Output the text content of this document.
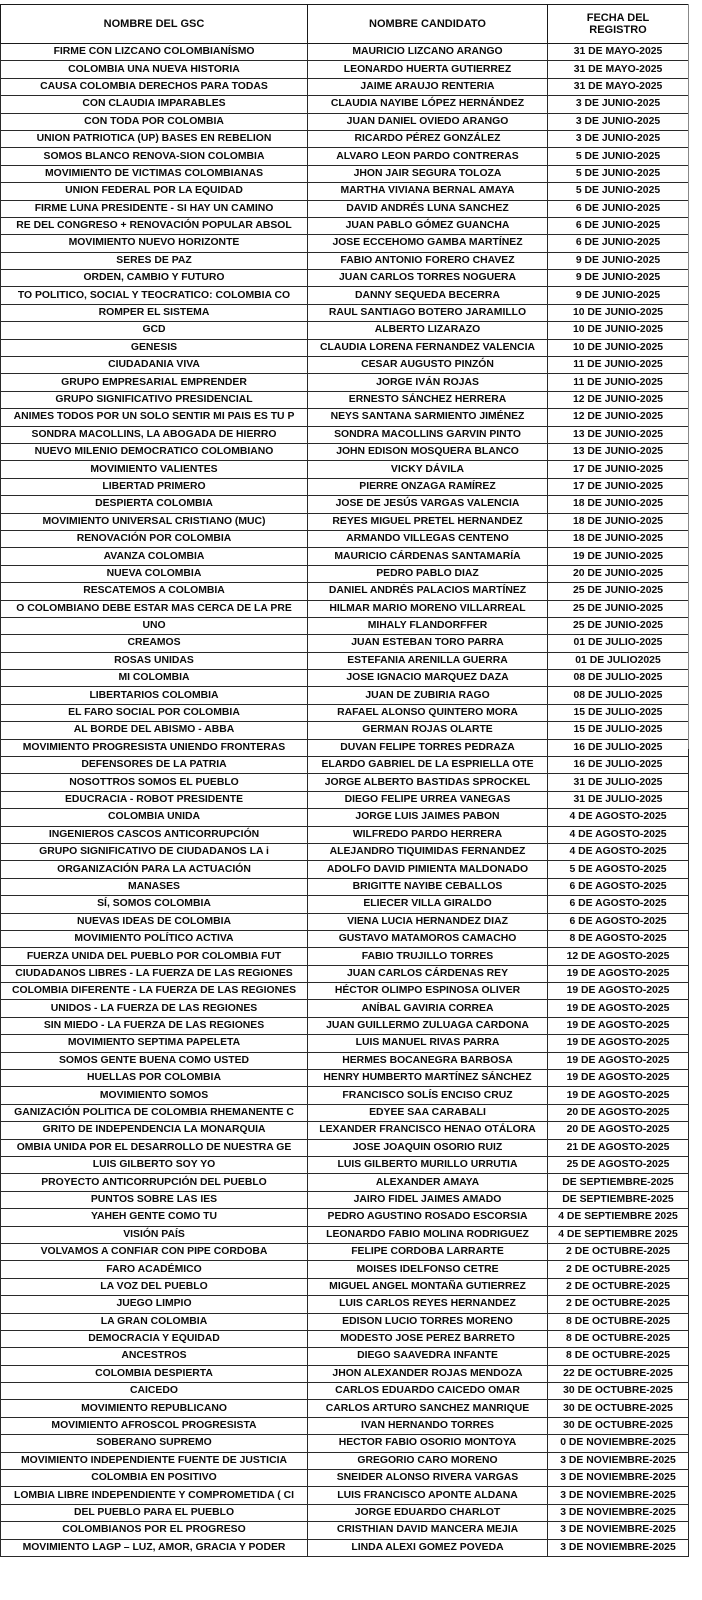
NOMBRE DEL GSC	NOMBRE CANDIDATO	FECHA DEL
REGISTRO
FIRME CON LIZCANO COLOMBIANÍSMO	MAURICIO LIZCANO ARANGO	31 DE MAYO-2025
COLOMBIA UNA NUEVA HISTORIA	LEONARDO HUERTA GUTIERREZ	31 DE MAYO-2025
CAUSA COLOMBIA DERECHOS PARA TODAS	JAIME ARAUJO RENTERIA	31 DE MAYO-2025
CON CLAUDIA IMPARABLES	CLAUDIA NAYIBE LÓPEZ HERNÁNDEZ	3 DE JUNIO-2025
CON TODA POR COLOMBIA	JUAN DANIEL OVIEDO ARANGO	3 DE JUNIO-2025
UNION PATRIOTICA (UP) BASES EN REBELION	RICARDO PÉREZ GONZÁLEZ	3 DE JUNIO-2025
SOMOS BLANCO RENOVA-SION COLOMBIA	ALVARO LEON PARDO CONTRERAS	5 DE JUNIO-2025
MOVIMIENTO DE VICTIMAS COLOMBIANAS	JHON JAIR SEGURA TOLOZA	5 DE JUNIO-2025
UNION FEDERAL POR LA EQUIDAD	MARTHA VIVIANA BERNAL AMAYA	5 DE JUNIO-2025
FIRME LUNA PRESIDENTE - SI HAY UN CAMINO	DAVID ANDRÉS LUNA SANCHEZ	6 DE JUNIO-2025
RE DEL CONGRESO + RENOVACIÓN POPULAR ABSOL	JUAN PABLO GÓMEZ GUANCHA	6 DE JUNIO-2025
MOVIMIENTO NUEVO HORIZONTE	JOSE ECCEHOMO GAMBA MARTÍNEZ	6 DE JUNIO-2025
SERES DE PAZ	FABIO ANTONIO FORERO CHAVEZ	9 DE JUNIO-2025
ORDEN, CAMBIO Y FUTURO	JUAN CARLOS TORRES NOGUERA	9 DE JUNIO-2025
TO POLITICO, SOCIAL Y TEOCRATICO: COLOMBIA CO	DANNY SEQUEDA BECERRA	9 DE JUNIO-2025
ROMPER EL SISTEMA	RAUL SANTIAGO BOTERO JARAMILLO	10 DE JUNIO-2025
GCD	ALBERTO LIZARAZO	10 DE JUNIO-2025
GENESIS	CLAUDIA LORENA FERNANDEZ VALENCIA	10 DE JUNIO-2025
CIUDADANIA VIVA	CESAR AUGUSTO PINZÓN	11 DE JUNIO-2025
GRUPO EMPRESARIAL EMPRENDER	JORGE IVÁN ROJAS	11 DE JUNIO-2025
GRUPO SIGNIFICATIVO PRESIDENCIAL	ERNESTO SÁNCHEZ HERRERA	12 DE JUNIO-2025
ANIMES TODOS POR UN SOLO SENTIR MI PAIS ES TU P	NEYS SANTANA SARMIENTO JIMÉNEZ	12 DE JUNIO-2025
SONDRA MACOLLINS, LA ABOGADA DE HIERRO	SONDRA MACOLLINS GARVIN PINTO	13 DE JUNIO-2025
NUEVO MILENIO DEMOCRATICO COLOMBIANO	JOHN EDISON MOSQUERA BLANCO	13 DE JUNIO-2025
MOVIMIENTO VALIENTES	VICKY DÁVILA	17 DE JUNIO-2025
LIBERTAD PRIMERO	PIERRE ONZAGA RAMÍREZ	17 DE JUNIO-2025
DESPIERTA COLOMBIA	JOSE DE JESÚS VARGAS VALENCIA	18 DE JUNIO-2025
MOVIMIENTO UNIVERSAL CRISTIANO (MUC)	REYES MIGUEL PRETEL HERNANDEZ	18 DE JUNIO-2025
RENOVACIÓN POR COLOMBIA	ARMANDO VILLEGAS CENTENO	18 DE JUNIO-2025
AVANZA COLOMBIA	MAURICIO CÁRDENAS SANTAMARÍA	19 DE JUNIO-2025
NUEVA COLOMBIA	PEDRO PABLO DIAZ	20 DE JUNIO-2025
RESCATEMOS A COLOMBIA	DANIEL ANDRÉS PALACIOS MARTÍNEZ	25 DE JUNIO-2025
O COLOMBIANO DEBE ESTAR MAS CERCA DE LA PRE	HILMAR MARIO MORENO VILLARREAL	25 DE JUNIO-2025
UNO	MIHALY FLANDORFFER	25 DE JUNIO-2025
CREAMOS	JUAN ESTEBAN TORO PARRA	01 DE JULIO-2025
ROSAS UNIDAS	ESTEFANIA ARENILLA GUERRA	01 DE JULIO2025
MI COLOMBIA	JOSE IGNACIO MARQUEZ DAZA	08 DE JULIO-2025
LIBERTARIOS COLOMBIA	JUAN DE ZUBIRIA RAGO	08 DE JULIO-2025
EL FARO SOCIAL POR COLOMBIA	RAFAEL ALONSO QUINTERO MORA	15 DE JULIO-2025
AL BORDE DEL ABISMO - ABBA	GERMAN ROJAS OLARTE	15 DE JULIO-2025
MOVIMIENTO PROGRESISTA UNIENDO FRONTERAS	DUVAN FELIPE TORRES PEDRAZA	16 DE JULIO-2025
DEFENSORES DE LA PATRIA	ELARDO GABRIEL DE LA ESPRIELLA OTE	16 DE JULIO-2025
NOSOTTROS SOMOS EL PUEBLO	JORGE ALBERTO BASTIDAS SPROCKEL	31 DE JULIO-2025
EDUCRACIA - ROBOT PRESIDENTE	DIEGO FELIPE URREA VANEGAS	31 DE JULIO-2025
COLOMBIA UNIDA	JORGE LUIS JAIMES PABON	4 DE AGOSTO-2025
INGENIEROS CASCOS ANTICORRUPCIÓN	WILFREDO PARDO HERRERA	4 DE AGOSTO-2025
GRUPO SIGNIFICATIVO DE CIUDADANOS LA i	ALEJANDRO TIQUIMIDAS FERNANDEZ	4 DE AGOSTO-2025
ORGANIZACIÓN PARA LA ACTUACIÓN	ADOLFO DAVID PIMIENTA MALDONADO	5 DE AGOSTO-2025
MANASES	BRIGITTE NAYIBE CEBALLOS	6 DE AGOSTO-2025
SÍ, SOMOS COLOMBIA	ELIECER VILLA GIRALDO	6 DE AGOSTO-2025
NUEVAS IDEAS DE COLOMBIA	VIENA LUCIA HERNANDEZ DIAZ	6 DE AGOSTO-2025
MOVIMIENTO POLÍTICO ACTIVA	GUSTAVO MATAMOROS CAMACHO	8 DE AGOSTO-2025
FUERZA UNIDA DEL PUEBLO POR COLOMBIA FUT	FABIO TRUJILLO TORRES	12 DE AGOSTO-2025
CIUDADANOS LIBRES - LA FUERZA DE LAS REGIONES	JUAN CARLOS CÁRDENAS REY	19 DE AGOSTO-2025
COLOMBIA DIFERENTE - LA FUERZA DE LAS REGIONES	HÉCTOR OLIMPO ESPINOSA OLIVER	19 DE AGOSTO-2025
UNIDOS - LA FUERZA DE LAS REGIONES	ANÍBAL GAVIRIA CORREA	19 DE AGOSTO-2025
SIN MIEDO - LA FUERZA DE LAS REGIONES	JUAN GUILLERMO ZULUAGA CARDONA	19 DE AGOSTO-2025
MOVIMIENTO SEPTIMA PAPELETA	LUIS MANUEL RIVAS PARRA	19 DE AGOSTO-2025
SOMOS GENTE BUENA COMO USTED	HERMES BOCANEGRA BARBOSA	19 DE AGOSTO-2025
HUELLAS POR COLOMBIA	HENRY HUMBERTO MARTÍNEZ SÁNCHEZ	19 DE AGOSTO-2025
MOVIMIENTO SOMOS	FRANCISCO SOLÍS ENCISO CRUZ	19 DE AGOSTO-2025
GANIZACIÓN POLITICA DE COLOMBIA RHEMANENTE C	EDYEE SAA CARABALI	20 DE AGOSTO-2025
GRITO DE INDEPENDENCIA LA MONARQUIA	LEXANDER FRANCISCO HENAO OTÁLORA	20 DE AGOSTO-2025
OMBIA UNIDA POR EL DESARROLLO DE NUESTRA GE	JOSE JOAQUIN OSORIO RUIZ	21 DE AGOSTO-2025
LUIS GILBERTO SOY YO	LUIS GILBERTO MURILLO URRUTIA	25 DE AGOSTO-2025
PROYECTO ANTICORRUPCIÓN DEL PUEBLO	ALEXANDER AMAYA	DE SEPTIEMBRE-2025
PUNTOS SOBRE LAS IES	JAIRO FIDEL JAIMES AMADO	DE SEPTIEMBRE-2025
YAHEH GENTE COMO TU	PEDRO AGUSTINO ROSADO ESCORSIA	4 DE SEPTIEMBRE 2025
VISIÓN PAÍS	LEONARDO FABIO MOLINA RODRIGUEZ	4 DE SEPTIEMBRE 2025
VOLVAMOS A CONFIAR CON PIPE CORDOBA	FELIPE CORDOBA LARRARTE	2 DE OCTUBRE-2025
FARO ACADÉMICO	MOISES IDELFONSO CETRE	2 DE OCTUBRE-2025
LA VOZ DEL PUEBLO	MIGUEL ANGEL MONTAÑA GUTIERREZ	2 DE OCTUBRE-2025
JUEGO LIMPIO	LUIS CARLOS REYES HERNANDEZ	2 DE OCTUBRE-2025
LA GRAN COLOMBIA	EDISON LUCIO TORRES MORENO	8 DE OCTUBRE-2025
DEMOCRACIA Y EQUIDAD	MODESTO JOSE PEREZ BARRETO	8 DE OCTUBRE-2025
ANCESTROS	DIEGO SAAVEDRA INFANTE	8 DE OCTUBRE-2025
COLOMBIA DESPIERTA	JHON ALEXANDER ROJAS MENDOZA	22 DE OCTUBRE-2025
CAICEDO	CARLOS EDUARDO CAICEDO OMAR	30 DE OCTUBRE-2025
MOVIMIENTO REPUBLICANO	CARLOS ARTURO SANCHEZ MANRIQUE	30 DE OCTUBRE-2025
MOVIMIENTO AFROSCOL PROGRESISTA	IVAN HERNANDO TORRES	30 DE OCTUBRE-2025
SOBERANO SUPREMO	HECTOR FABIO OSORIO MONTOYA	0 DE NOVIEMBRE-2025
MOVIMIENTO INDEPENDIENTE FUENTE DE JUSTICIA	GREGORIO CARO MORENO	3 DE NOVIEMBRE-2025
COLOMBIA EN POSITIVO	SNEIDER ALONSO RIVERA VARGAS	3 DE NOVIEMBRE-2025
LOMBIA LIBRE INDEPENDIENTE Y COMPROMETIDA ( CI	LUIS FRANCISCO APONTE ALDANA	3 DE NOVIEMBRE-2025
DEL PUEBLO PARA EL PUEBLO	JORGE EDUARDO CHARLOT	3 DE NOVIEMBRE-2025
COLOMBIANOS POR EL PROGRESO	CRISTHIAN DAVID MANCERA MEJIA	3 DE NOVIEMBRE-2025
MOVIMIENTO LAGP – LUZ, AMOR, GRACIA Y PODER	LINDA ALEXI GOMEZ POVEDA	3 DE NOVIEMBRE-2025
